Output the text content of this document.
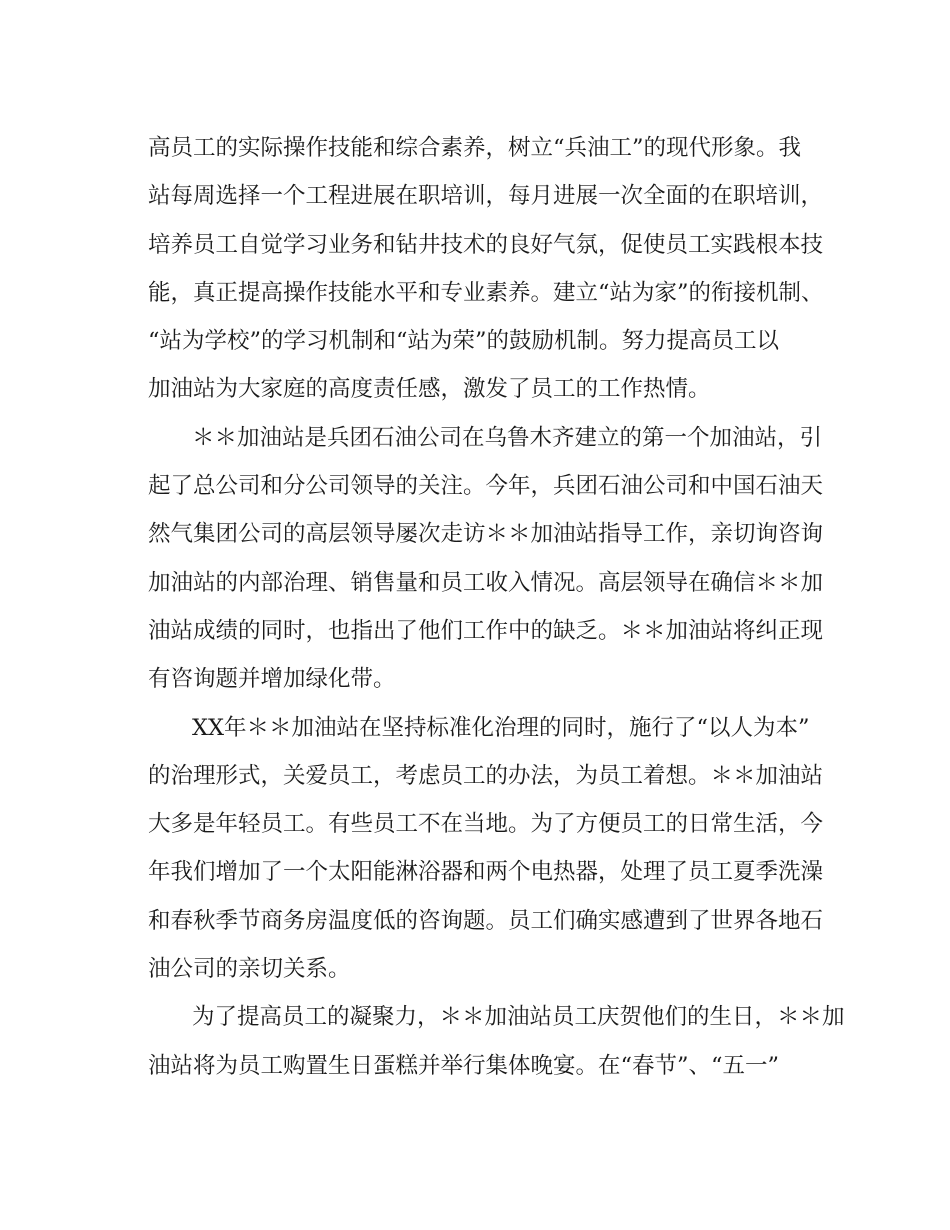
高员工的实际操作技能和综合素养，树立“兵油工”的现代形象。我
站每周选择一个工程进展在职培训，每月进展一次全面的在职培训，
培养员工自觉学习业务和钻井技术的良好气氛，促使员工实践根本技
能，真正提高操作技能水平和专业素养。建立“站为家”的衔接机制、
“站为学校”的学习机制和“站为荣”的鼓励机制。努力提高员工以
加油站为大家庭的高度责任感，激发了员工的工作热情。
＊＊加油站是兵团石油公司在乌鲁木齐建立的第一个加油站，引
起了总公司和分公司领导的关注。今年，兵团石油公司和中国石油天
然气集团公司的高层领导屡次走访＊＊加油站指导工作，亲切询咨询
加油站的内部治理、销售量和员工收入情况。高层领导在确信＊＊加
油站成绩的同时，也指出了他们工作中的缺乏。＊＊加油站将纠正现
有咨询题并增加绿化带。
XX年＊＊加油站在坚持标准化治理的同时，施行了“以人为本”
的治理形式，关爱员工，考虑员工的办法，为员工着想。＊＊加油站
大多是年轻员工。有些员工不在当地。为了方便员工的日常生活，今
年我们增加了一个太阳能淋浴器和两个电热器，处理了员工夏季洗澡
和春秋季节商务房温度低的咨询题。员工们确实感遭到了世界各地石
油公司的亲切关系。
为了提高员工的凝聚力，＊＊加油站员工庆贺他们的生日，＊＊加
油站将为员工购置生日蛋糕并举行集体晚宴。在“春节”、“五一”
